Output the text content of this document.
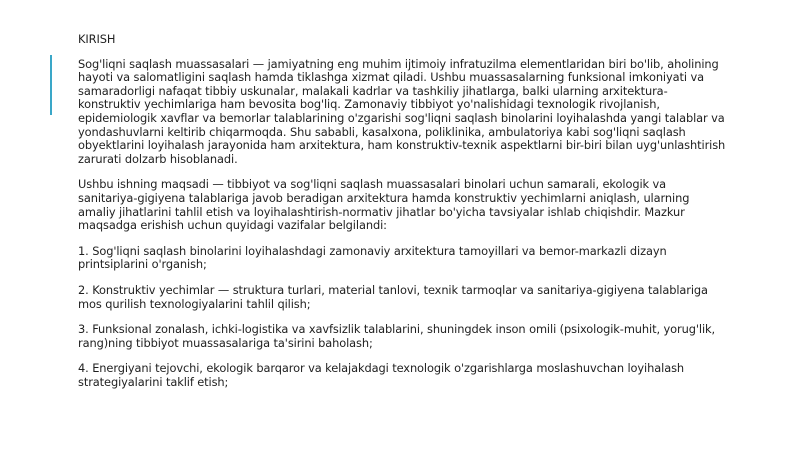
KIRISH

Sog'liqni saqlash muassasalari — jamiyatning eng muhim ijtimoiy infratuzilma elementlaridan biri bo'lib, aholining hayoti va salomatligini saqlash hamda tiklashga xizmat qiladi. Ushbu muassasalarning funksional imkoniyati va samaradorligi nafaqat tibbiy uskunalar, malakali kadrlar va tashkiliy jihatlarga, balki ularning arxitektura-konstruktiv yechimlariga ham bevosita bog'liq. Zamonaviy tibbiyot yo'nalishidagi texnologik rivojlanish, epidemiologik xavflar va bemorlar talablarining o'zgarishi sog'liqni saqlash binolarini loyihalashda yangi talablar va yondashuvlarni keltirib chiqarmoqda. Shu sababli, kasalxona, poliklinika, ambulatoriya kabi sog'liqni saqlash obyektlarini loyihalash jarayonida ham arxitektura, ham konstruktiv-texnik aspektlarni bir-biri bilan uyg'unlashtirish zarurati dolzarb hisoblanadi.

Ushbu ishning maqsadi — tibbiyot va sog'liqni saqlash muassasalari binolari uchun samarali, ekologik va sanitariya-gigiyena talablariga javob beradigan arxitektura hamda konstruktiv yechimlarni aniqlash, ularning amaliy jihatlarini tahlil etish va loyihalashtirish-normativ jihatlar bo'yicha tavsiyalar ishlab chiqishdir. Mazkur maqsadga erishish uchun quyidagi vazifalar belgilandi:

1. Sog'liqni saqlash binolarini loyihalashdagi zamonaviy arxitektura tamoyillari va bemor-markazli dizayn printsiplarini o'rganish;

2. Konstruktiv yechimlar — struktura turlari, material tanlovi, texnik tarmoqlar va sanitariya-gigiyena talablariga mos qurilish texnologiyalarini tahlil qilish;

3. Funksional zonalash, ichki-logistika va xavfsizlik talablarini, shuningdek inson omili (psixologik-muhit, yorug'lik, rang)ning tibbiyot muassasalariga ta'sirini baholash;

4. Energiyani tejovchi, ekologik barqaror va kelajakdagi texnologik o'zgarishlarga moslashuvchan loyihalash strategiyalarini taklif etish;
